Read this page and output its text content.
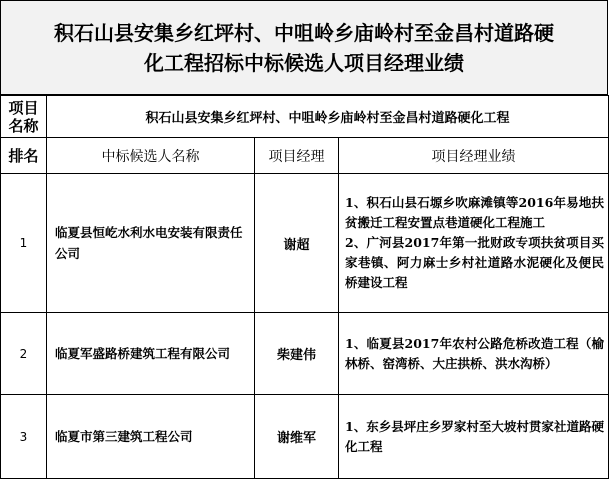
积石山县安集乡红坪村、中咀岭乡庙岭村至金昌村道路硬
化工程招标中标候选人项目经理业绩
项目名称	积石山县安集乡红坪村、中咀岭乡庙岭村至金昌村道路硬化工程		
排名	中标候选人名称	项目经理	项目经理业绩
1	临夏县恒屹水利水电安装有限责任公司	谢超	1、积石山县石塬乡吹麻滩镇等2016年易地扶贫搬迁工程安置点巷道硬化工程施工
2、广河县2017年第一批财政专项扶贫项目买家巷镇、阿力麻士乡村社道路水泥硬化及便民桥建设工程
2	临夏军盛路桥建筑工程有限公司	柴建伟	1、临夏县2017年农村公路危桥改造工程（榆林桥、窑湾桥、大庄拱桥、洪水沟桥）
3	临夏市第三建筑工程公司	谢维军	1、东乡县坪庄乡罗家村至大坡村贯家社道路硬化工程
